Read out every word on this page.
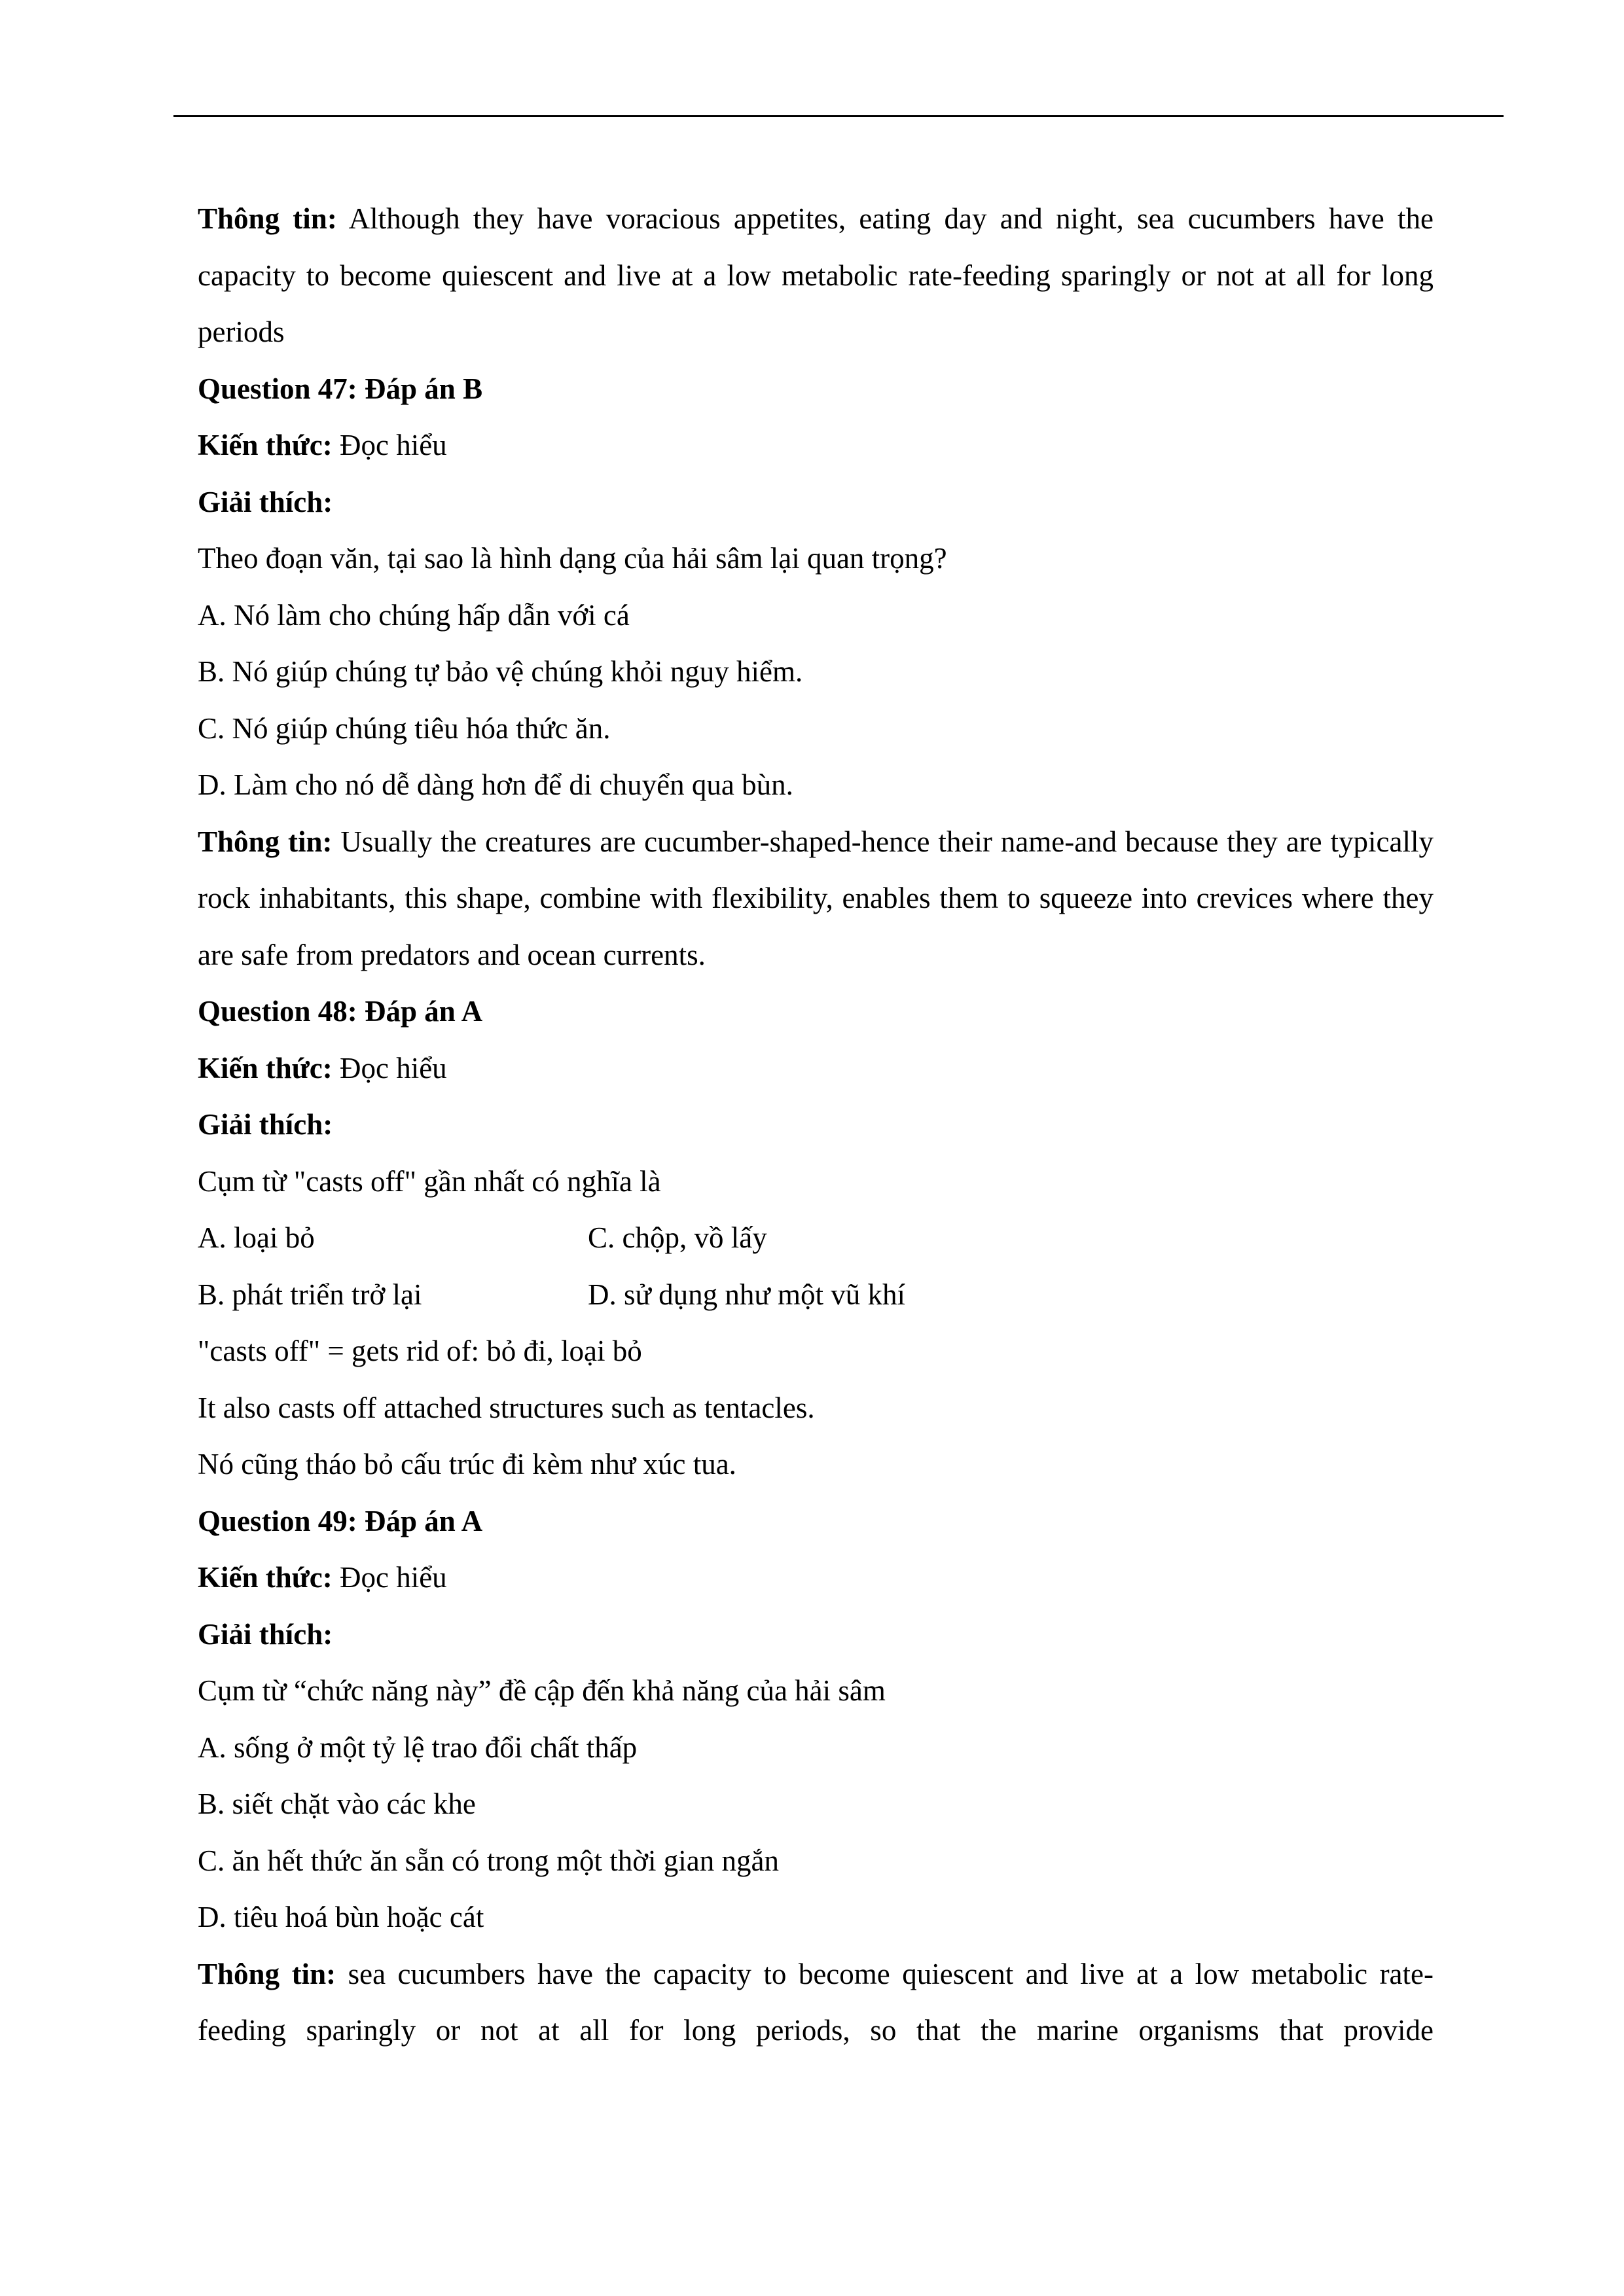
Thông tin: Although they have voracious appetites, eating day and night, sea cucumbers have the capacity to become quiescent and live at a low metabolic rate-feeding sparingly or not at all for long periods
Question 47: Đáp án B
Kiến thức: Đọc hiểu
Giải thích:
Theo đoạn văn, tại sao là hình dạng của hải sâm lại quan trọng?
A. Nó làm cho chúng hấp dẫn với cá
B. Nó giúp chúng tự bảo vệ chúng khỏi nguy hiểm.
C. Nó giúp chúng tiêu hóa thức ăn.
D. Làm cho nó dễ dàng hơn để di chuyển qua bùn.
Thông tin: Usually the creatures are cucumber-shaped-hence their name-and because they are typically rock inhabitants, this shape, combine with flexibility, enables them to squeeze into crevices where they are safe from predators and ocean currents.
Question 48: Đáp án A
Kiến thức: Đọc hiểu
Giải thích:
Cụm từ "casts off" gần nhất có nghĩa là
A. loại bỏ	C. chộp, vồ lấy
B. phát triển trở lại	D. sử dụng như một vũ khí
"casts off" = gets rid of: bỏ đi, loại bỏ
It also casts off attached structures such as tentacles.
Nó cũng tháo bỏ cấu trúc đi kèm như xúc tua.
Question 49: Đáp án A
Kiến thức: Đọc hiểu
Giải thích:
Cụm từ “chức năng này” đề cập đến khả năng của hải sâm
A. sống ở một tỷ lệ trao đổi chất thấp
B. siết chặt vào các khe
C. ăn hết thức ăn sẵn có trong một thời gian ngắn
D. tiêu hoá bùn hoặc cát
Thông tin: sea cucumbers have the capacity to become quiescent and live at a low metabolic rate-feeding sparingly or not at all for long periods, so that the marine organisms that provide
